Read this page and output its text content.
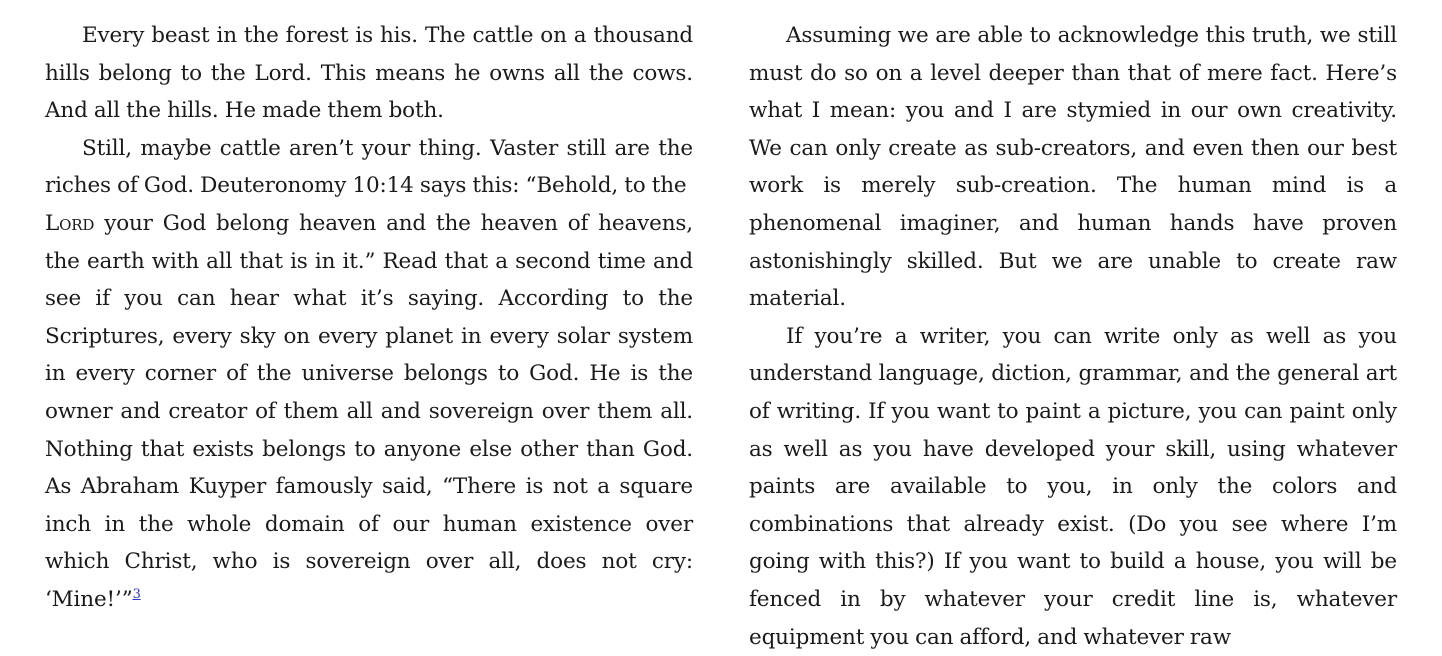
Every beast in the forest is his. The cattle on a thousand hills belong to the Lord. This means he owns all the cows. And all the hills. He made them both.

Still, maybe cattle aren’t your thing. Vaster still are the riches of God. Deuteronomy 10:14 says this: “Behold, to the
Lord your God belong heaven and the heaven of heavens, the earth with all that is in it.” Read that a second time and see if you can hear what it’s saying. According to the Scriptures, every sky on every planet in every solar system in every corner of the universe belongs to God. He is the owner and creator of them all and sovereign over them all. Nothing that exists belongs to anyone else other than God. As Abraham Kuyper famously said, “There is not a square inch in the whole domain of our human existence over which Christ, who is sovereign over all, does not cry: ‘Mine!’”$^3$

Assuming we are able to acknowledge this truth, we still must do so on a level deeper than that of mere fact. Here’s what I mean: you and I are stymied in our own creativity. We can only create as sub-creators, and even then our best work is merely sub-creation. The human mind is a phenomenal imaginer, and human hands have proven astonishingly skilled. But we are unable to create raw material.

If you’re a writer, you can write only as well as you understand language, diction, grammar, and the general art of writing. If you want to paint a picture, you can paint only as well as you have developed your skill, using whatever paints are available to you, in only the colors and combinations that already exist. (Do you see where I’m going with this?) If you want to build a house, you will be fenced in by whatever your credit line is, whatever equipment you can afford, and whatever raw
